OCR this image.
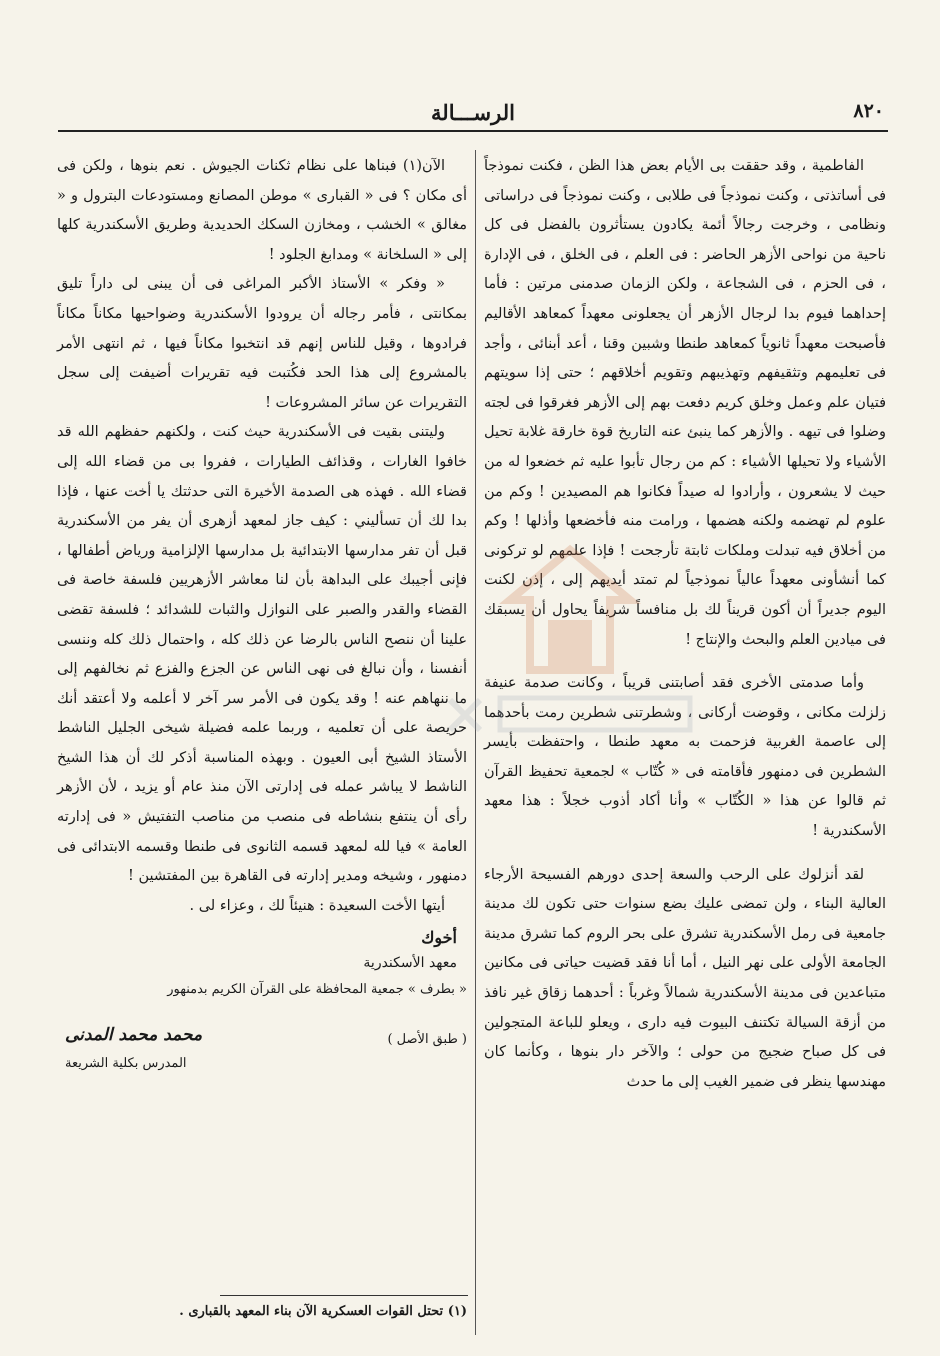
٨٢٠
الرســـالة

الفاطمية ، وقد حققت بى الأيام بعض هذا الظن ، فكنت نموذجاً فى أساتذتى ، وكنت نموذجاً فى طلابى ، وكنت نموذجاً فى دراساتى ونظامى ، وخرجت رجالاً أئمة يكادون يستأثرون بالفضل فى كل ناحية من نواحى الأزهر الحاضر : فى العلم ، فى الخلق ، فى الإدارة ، فى الحزم ، فى الشجاعة ، ولكن الزمان صدمنى مرتين : فأما إحداهما فيوم بدا لرجال الأزهر أن يجعلونى معهداً كمعاهد الأقاليم فأصبحت معهداً ثانوياً كمعاهد طنطا وشبين وقنا ، أعد أبنائى ، وأجد فى تعليمهم وتثقيفهم وتهذيبهم وتقويم أخلاقهم ؛ حتى إذا سويتهم فتيان علم وعمل وخلق كريم دفعت بهم إلى الأزهر فغرقوا فى لجته وضلوا فى تيهه . والأزهر كما ينبئ عنه التاريخ قوة خارقة غلابة تحيل الأشياء ولا تحيلها الأشياء : كم من رجال تأبوا عليه ثم خضعوا له من حيث لا يشعرون ، وأرادوا له صيداً فكانوا هم المصيدين ! وكم من علوم لم تهضمه ولكنه هضمها ، ورامت منه فأخضعها وأذلها ! وكم من أخلاق فيه تبدلت وملكات ثابتة تأرجحت ! فإذا علمهم لو تركونى كما أنشأونى معهداً عالياً نموذجياً لم تمتد أيديهم إلى ، إذن لكنت اليوم جديراً أن أكون قريناً لك بل منافساً شريفاً يحاول أن يسبقك فى ميادين العلم والبحث والإنتاج !

وأما صدمتى الأخرى فقد أصابتنى قريباً ، وكانت صدمة عنيفة زلزلت مكانى ، وقوضت أركانى ، وشطرتنى شطرين رمت بأحدهما إلى عاصمة الغربية فزحمت به معهد طنطا ، واحتفظت بأيسر الشطرين فى دمنهور فأقامته فى « كُتّاب » لجمعية تحفيظ القرآن ثم قالوا عن هذا « الكُتّاب » وأنا أكاد أذوب خجلاً : هذا معهد الأسكندرية !

لقد أنزلوك على الرحب والسعة إحدى دورهم الفسيحة الأرجاء العالية البناء ، ولن تمضى عليك بضع سنوات حتى تكون لك مدينة جامعية فى رمل الأسكندرية تشرق على بحر الروم كما تشرق مدينة الجامعة الأولى على نهر النيل ، أما أنا فقد قضيت حياتى فى مكانين متباعدين فى مدينة الأسكندرية شمالاً وغرباً : أحدهما زقاق غير نافذ من أزقة السيالة تكتنف البيوت فيه دارى ، ويعلو للباعة المتجولين فى كل صباح ضجيج من حولى ؛ والآخر دار بنوها ، وكأنما كان مهندسها ينظر فى ضمير الغيب إلى ما حدث

الآن(١) فبناها على نظام ثكنات الجيوش . نعم بنوها ، ولكن فى أى مكان ؟ فى « القبارى » موطن المصانع ومستودعات البترول و « مغالق » الخشب ، ومخازن السكك الحديدية وطريق الأسكندرية كلها إلى « السلخانة » ومدابغ الجلود !

« وفكر » الأستاذ الأكبر المراغى فى أن يبنى لى داراً تليق بمكانتى ، فأمر رجاله أن يرودوا الأسكندرية وضواحيها مكاناً مكاناً فرادوها ، وقيل للناس إنهم قد انتخبوا مكاناً فيها ، ثم انتهى الأمر بالمشروع إلى هذا الحد فكُتبت فيه تقريرات أضيفت إلى سجل التقريرات عن سائر المشروعات !

وليتنى بقيت فى الأسكندرية حيث كنت ، ولكنهم حفظهم الله قد خافوا الغارات ، وقذائف الطيارات ، ففروا بى من قضاء الله إلى قضاء الله . فهذه هى الصدمة الأخيرة التى حدثتك يا أخت عنها ، فإذا بدا لك أن تسأليني : كيف جاز لمعهد أزهرى أن يفر من الأسكندرية قبل أن تفر مدارسها الابتدائية بل مدارسها الإلزامية ورياض أطفالها ، فإنى أجيبك على البداهة بأن لنا معاشر الأزهريين فلسفة خاصة فى القضاء والقدر والصبر على النوازل والثبات للشدائد ؛ فلسفة تقضى علينا أن ننصح الناس بالرضا عن ذلك كله ، واحتمال ذلك كله وننسى أنفسنا ، وأن نبالغ فى نهى الناس عن الجزع والفزع ثم نخالفهم إلى ما ننهاهم عنه ! وقد يكون فى الأمر سر آخر لا أعلمه ولا أعتقد أنك حريصة على أن تعلميه ، وربما علمه فضيلة شيخى الجليل الناشط الأستاذ الشيخ أبى العيون . وبهذه المناسبة أذكر لك أن هذا الشيخ الناشط لا يباشر عمله فى إدارتى الآن منذ عام أو يزيد ، لأن الأزهر رأى أن ينتفع بنشاطه فى منصب من مناصب التفتيش « فى إدارته العامة » فيا لله لمعهد قسمه الثانوى فى طنطا وقسمه الابتدائى فى دمنهور ، وشيخه ومدير إدارته فى القاهرة بين المفتشين !

أيتها الأخت السعيدة : هنيئاً لك ، وعزاء لى .

أخوك
معهد الأسكندرية
« بطرف » جمعية المحافظة على القرآن الكريم بدمنهور
( طبق الأصل )
محمد محمد المدنى
المدرس بكلية الشريعة
(١) تحتل القوات العسكرية الآن بناء المعهد بالقبارى .
